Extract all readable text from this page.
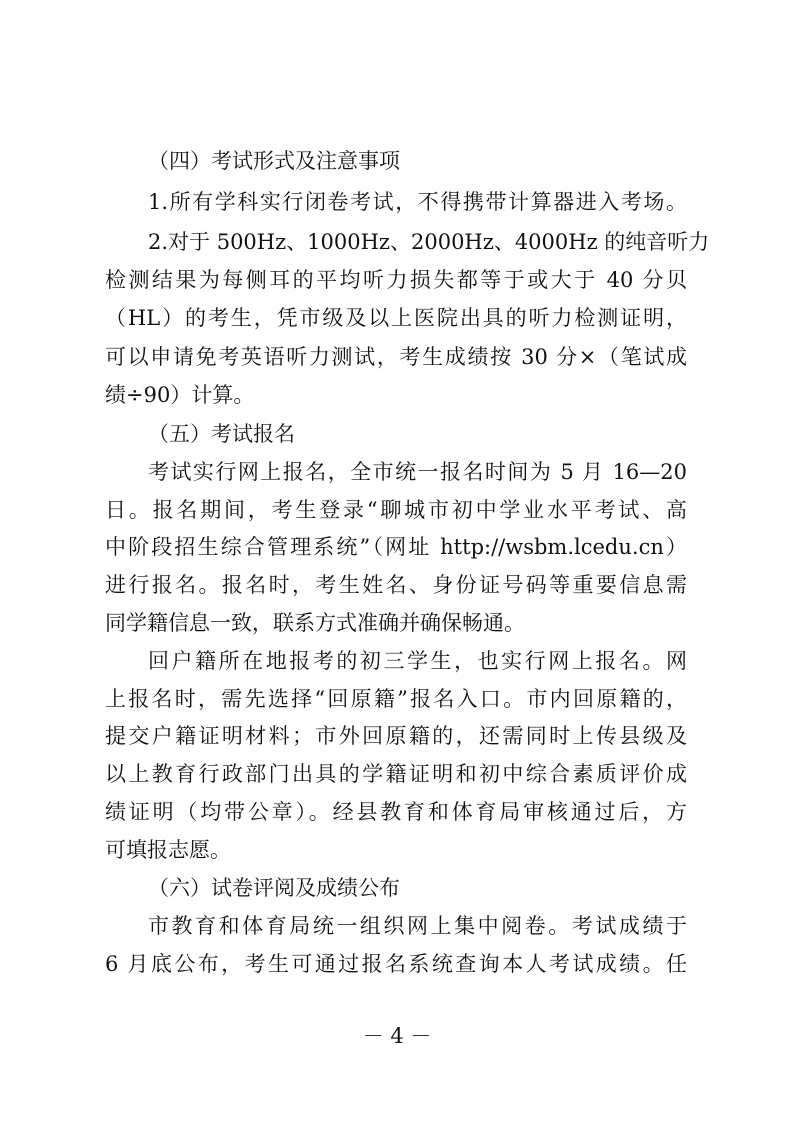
（四）考试形式及注意事项
1.所有学科实行闭卷考试，不得携带计算器进入考场。
2.对于 500Hz、1000Hz、2000Hz、4000Hz 的纯音听力
检测结果为每侧耳的平均听力损失都等于或大于 40 分贝
（HL）的考生，凭市级及以上医院出具的听力检测证明，
可以申请免考英语听力测试，考生成绩按 30 分×（笔试成
绩÷90）计算。
（五）考试报名
考试实行网上报名，全市统一报名时间为 5 月 16—20
日。报名期间，考生登录“聊城市初中学业水平考试、高
中阶段招生综合管理系统”（网址 http://wsbm.lcedu.cn）
进行报名。报名时，考生姓名、身份证号码等重要信息需
同学籍信息一致，联系方式准确并确保畅通。
回户籍所在地报考的初三学生，也实行网上报名。网
上报名时，需先选择“回原籍”报名入口。市内回原籍的，
提交户籍证明材料；市外回原籍的，还需同时上传县级及
以上教育行政部门出具的学籍证明和初中综合素质评价成
绩证明（均带公章）。经县教育和体育局审核通过后，方
可填报志愿。
（六）试卷评阅及成绩公布
市教育和体育局统一组织网上集中阅卷。考试成绩于
6 月底公布，考生可通过报名系统查询本人考试成绩。任
－ 4 －
